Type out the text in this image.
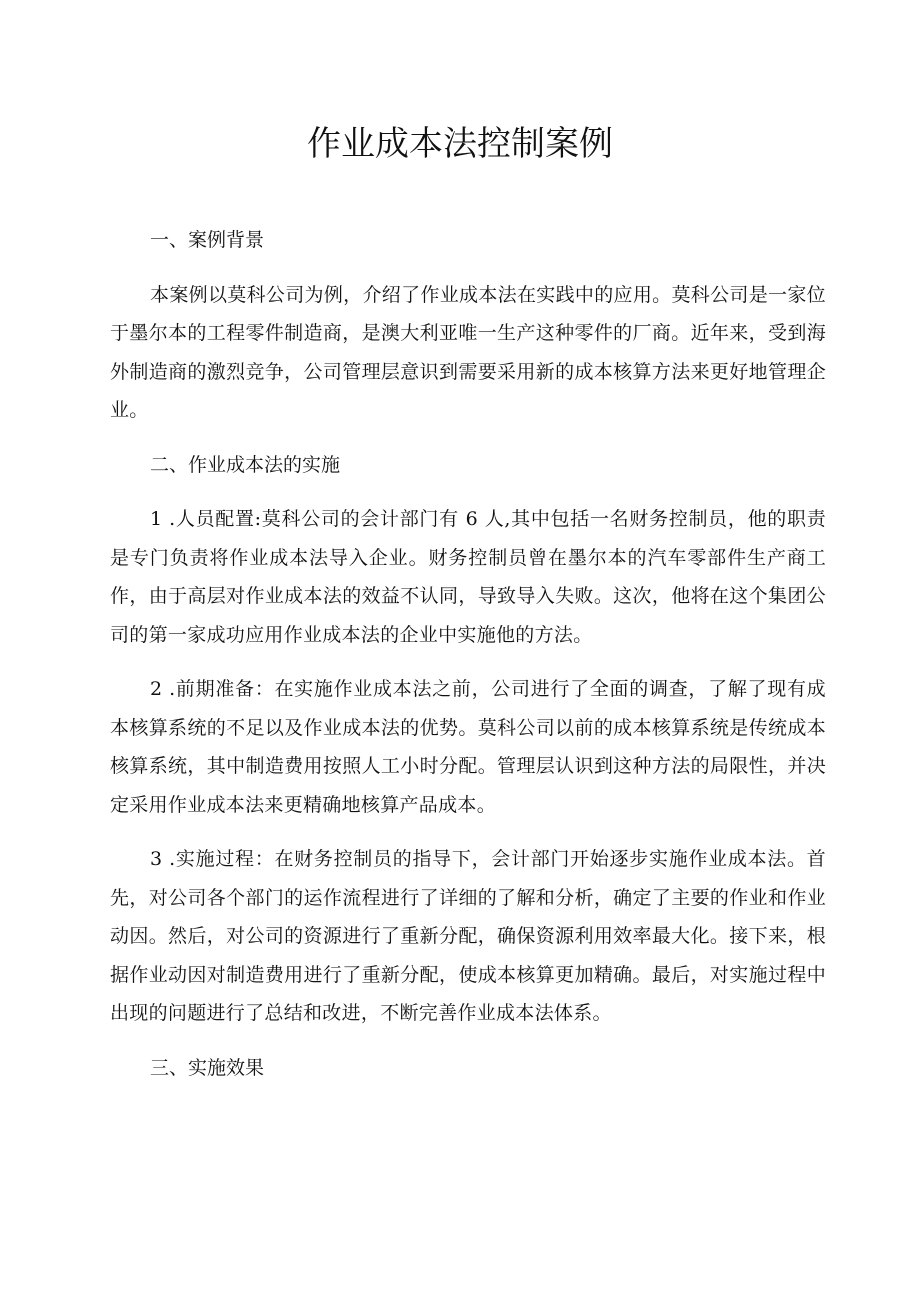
作业成本法控制案例

一、案例背景

本案例以莫科公司为例，介绍了作业成本法在实践中的应用。莫科公司是一家位于墨尔本的工程零件制造商，是澳大利亚唯一生产这种零件的厂商。近年来，受到海外制造商的激烈竞争，公司管理层意识到需要采用新的成本核算方法来更好地管理企业。

二、作业成本法的实施

1 .人员配置:莫科公司的会计部门有 6 人,其中包括一名财务控制员，他的职责是专门负责将作业成本法导入企业。财务控制员曾在墨尔本的汽车零部件生产商工作，由于高层对作业成本法的效益不认同，导致导入失败。这次，他将在这个集团公司的第一家成功应用作业成本法的企业中实施他的方法。

2 .前期准备：在实施作业成本法之前，公司进行了全面的调查，了解了现有成本核算系统的不足以及作业成本法的优势。莫科公司以前的成本核算系统是传统成本核算系统，其中制造费用按照人工小时分配。管理层认识到这种方法的局限性，并决定采用作业成本法来更精确地核算产品成本。

3 .实施过程：在财务控制员的指导下，会计部门开始逐步实施作业成本法。首先，对公司各个部门的运作流程进行了详细的了解和分析，确定了主要的作业和作业动因。然后，对公司的资源进行了重新分配，确保资源利用效率最大化。接下来，根据作业动因对制造费用进行了重新分配，使成本核算更加精确。最后，对实施过程中出现的问题进行了总结和改进，不断完善作业成本法体系。

三、实施效果
